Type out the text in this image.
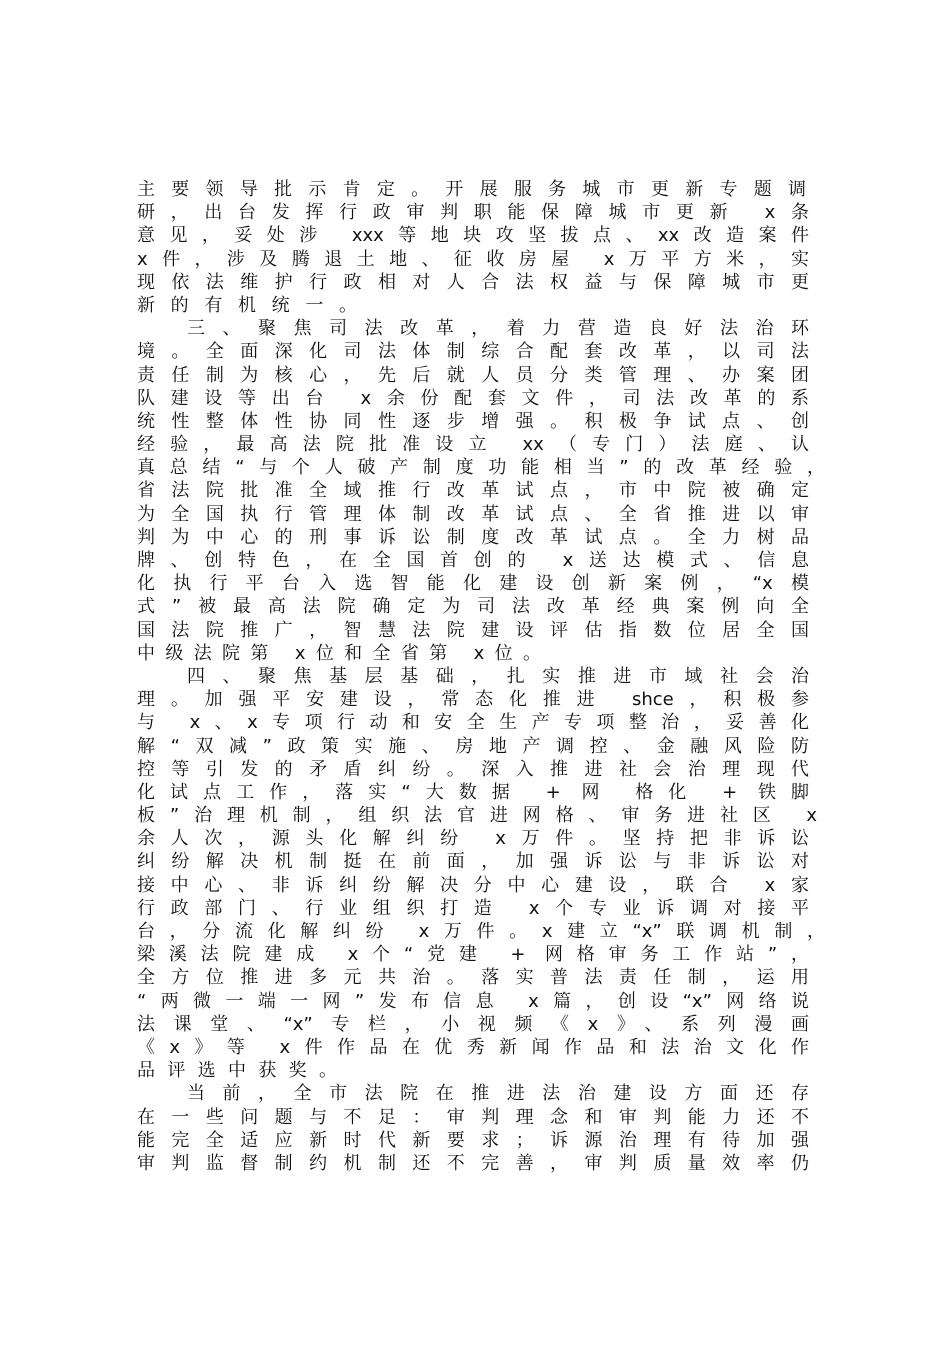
主要领导批示肯定。开展服务城市更新专题调
研，出台发挥行政审判职能保障城市更新 x条
意见，妥处涉 xxx等地块攻坚拔点、xx改造案件
x件，涉及腾退土地、征收房屋 x万平方米，实
现依法维护行政相对人合法权益与保障城市更
新的有机统一。
三、聚焦司法改革，着力营造良好法治环
境。全面深化司法体制综合配套改革，以司法
责任制为核心，先后就人员分类管理、办案团
队建设等出台 x余份配套文件，司法改革的系
统性整体性协同性逐步增强。积极争试点、创
经验，最高法院批准设立 xx（专门）法庭、认
真总结“与个人破产制度功能相当”的改革经验，
省法院批准全域推行改革试点，市中院被确定
为全国执行管理体制改革试点、全省推进以审
判为中心的刑事诉讼制度改革试点。全力树品
牌、创特色，在全国首创的 x送达模式、信息
化执行平台入选智能化建设创新案例，“x模
式”被最高法院确定为司法改革经典案例向全
国法院推广，智慧法院建设评估指数位居全国
中级法院第 x位和全省第 x位。
四、聚焦基层基础，扎实推进市域社会治
理。加强平安建设，常态化推进 shce，积极参
与 x、x专项行动和安全生产专项整治，妥善化
解“双减”政策实施、房地产调控、金融风险防
控等引发的矛盾纠纷。深入推进社会治理现代
化试点工作，落实“大数据 + 网 格化 + 铁脚
板”治理机制，组织法官进网格、审务进社区 x
余人次，源头化解纠纷 x万件。坚持把非诉讼
纠纷解决机制挺在前面，加强诉讼与非诉讼对
接中心、非诉纠纷解决分中心建设，联合 x家
行政部门、行业组织打造 x个专业诉调对接平
台，分流化解纠纷 x万件。x建立“x”联调机制，
梁溪法院建成 x个“党建 + 网格审务工作站”，
全方位推进多元共治。落实普法责任制，运用
“两微一端一网”发布信息 x篇，创设“x”网络说
法课堂、“x”专栏，小视频《x》、系列漫画
《x》等 x件作品在优秀新闻作品和法治文化作
品评选中获奖。
当前，全市法院在推进法治建设方面还存
在一些问题与不足：审判理念和审判能力还不
能完全适应新时代新要求；诉源治理有待加强
审判监督制约机制还不完善，审判质量效率仍
